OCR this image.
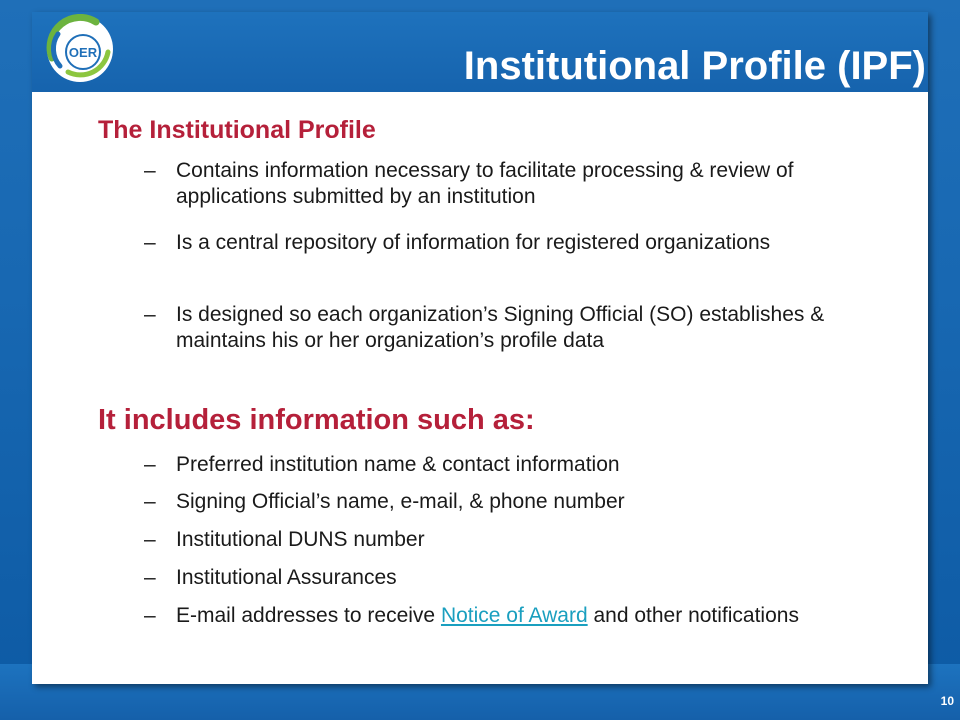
OER	Institutional Profile (IPF)
The Institutional Profile
– Contains information necessary to facilitate processing & review of applications submitted by an institution
– Is a central repository of information for registered organizations
– Is designed so each organization’s Signing Official (SO) establishes & maintains his or her organization’s profile data
It includes information such as:
– Preferred institution name & contact information
– Signing Official’s name, e-mail, & phone number
– Institutional DUNS number
– Institutional Assurances
– E-mail addresses to receive Notice of Award and other notifications
10
